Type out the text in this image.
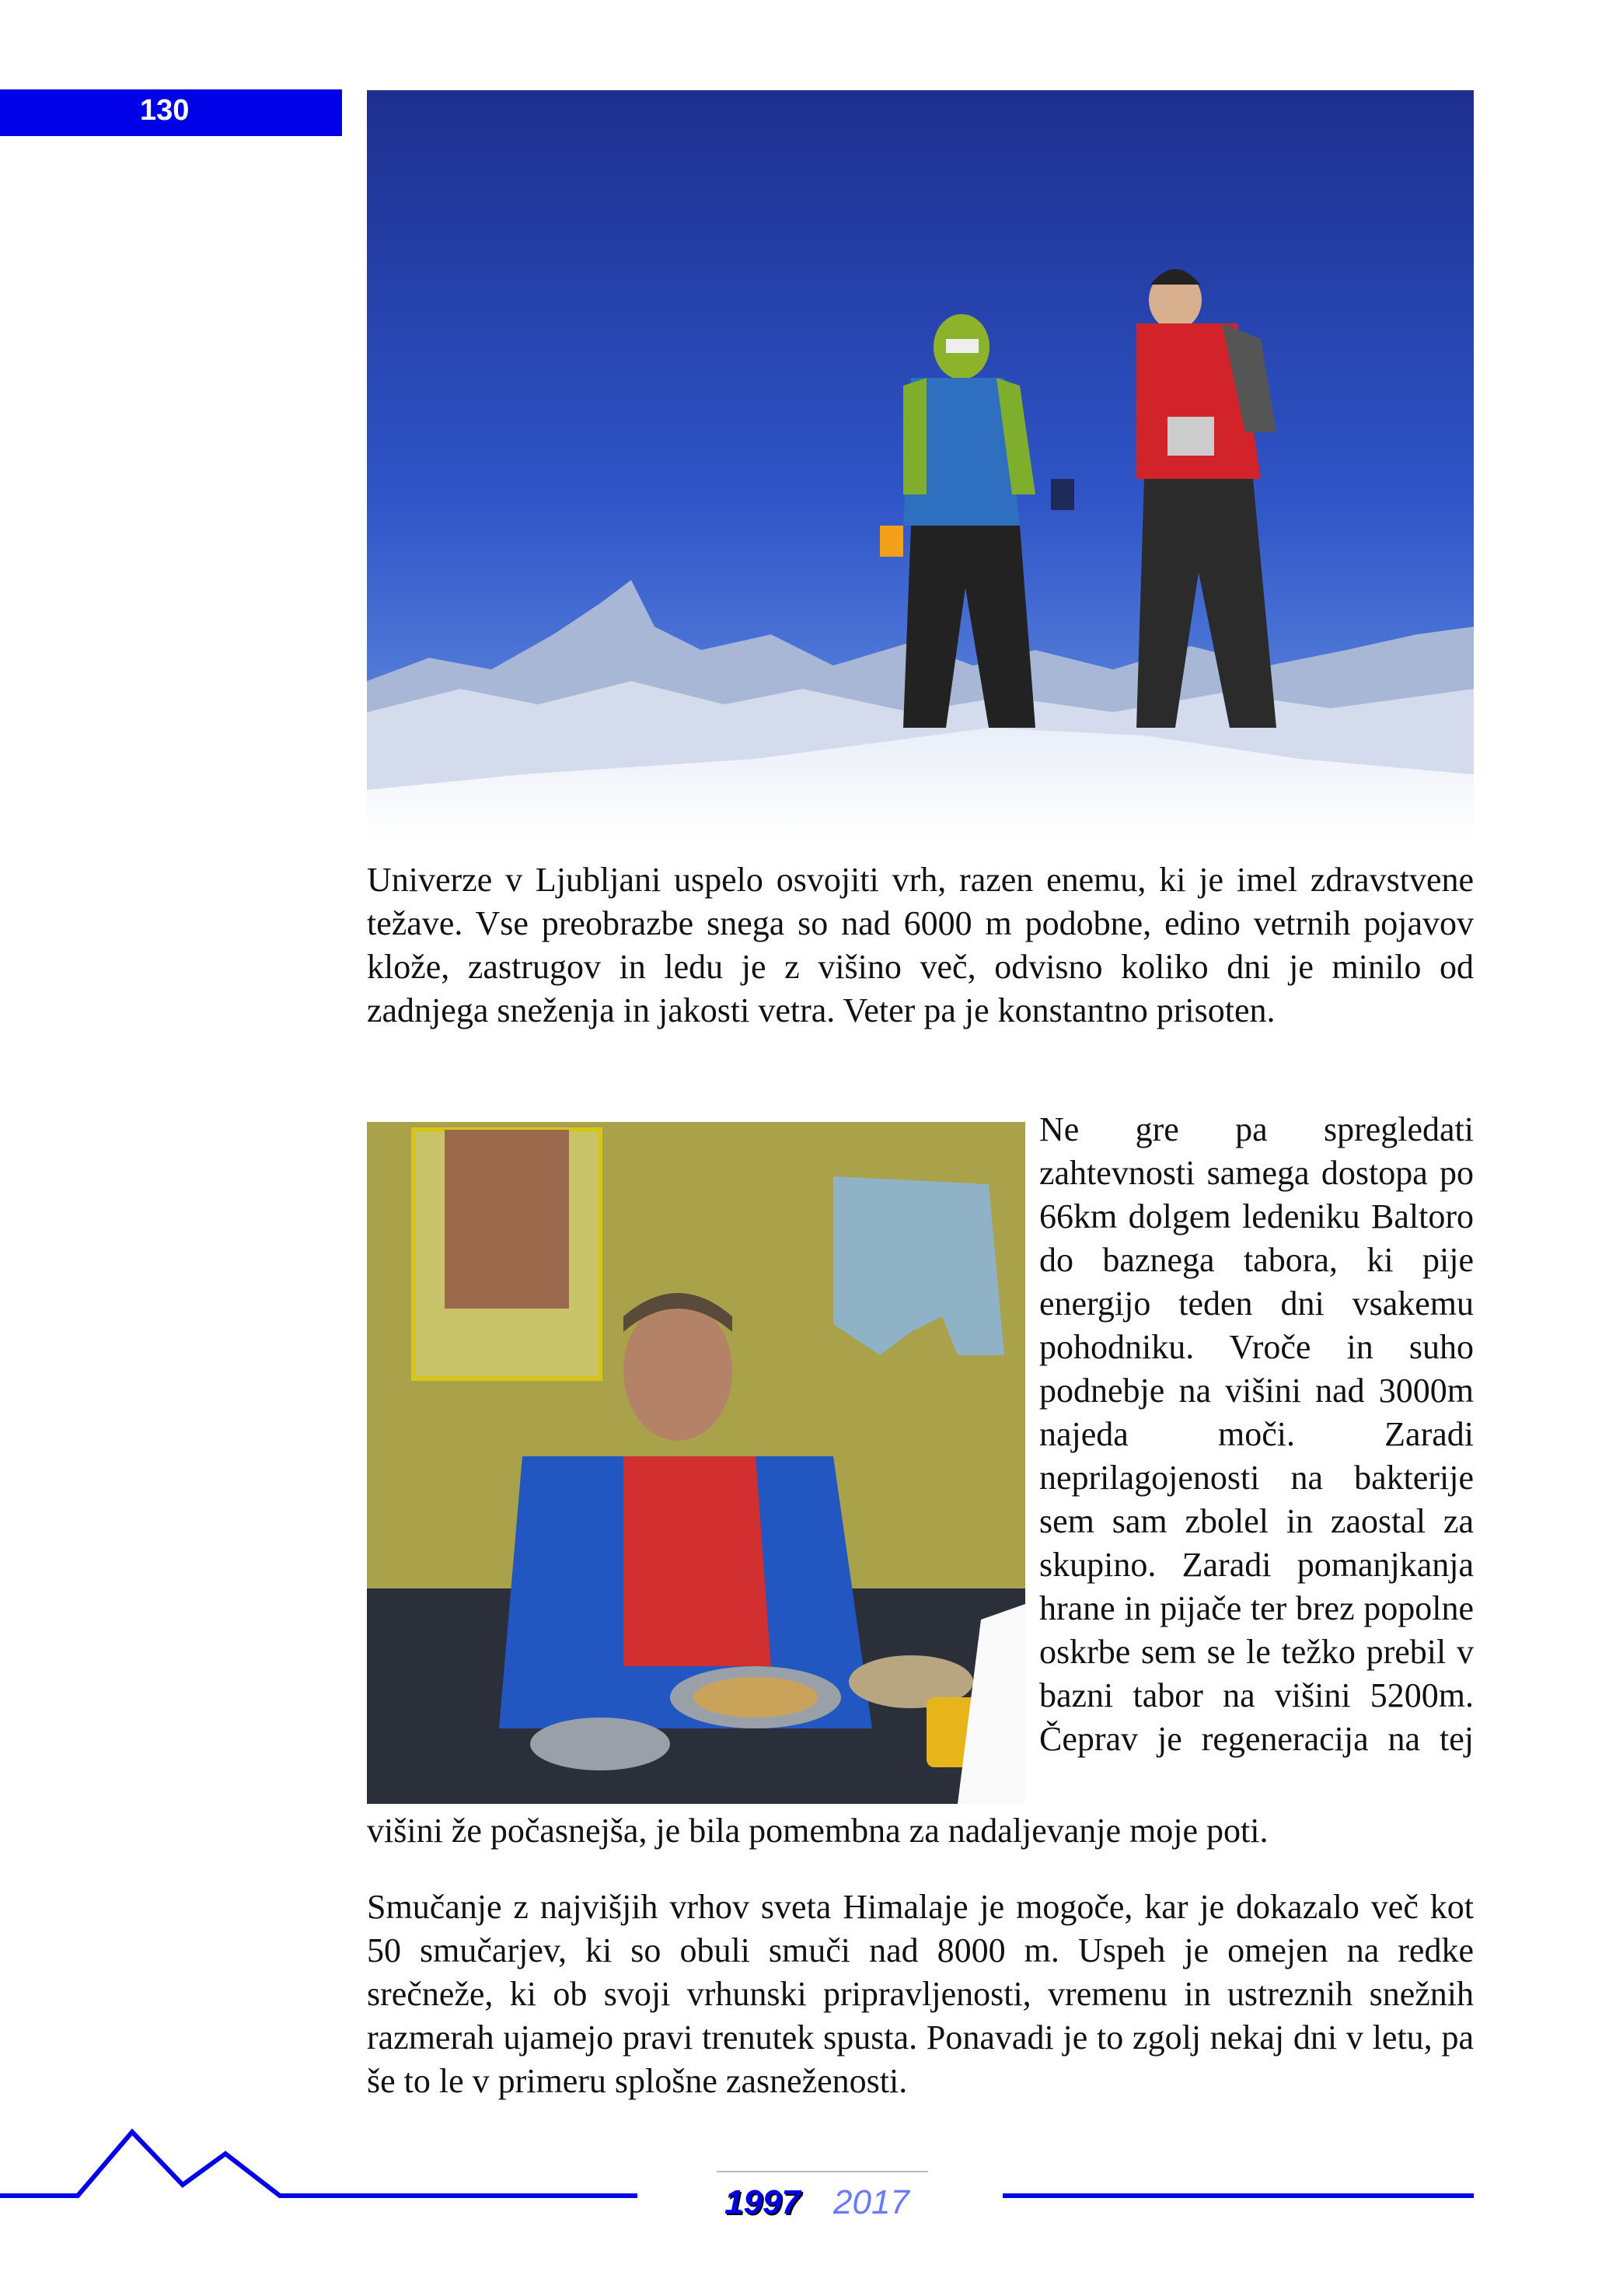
130
Univerze v Ljubljani uspelo osvojiti vrh, razen enemu, ki je imel zdravstvene težave. Vse preobrazbe snega so nad 6000 m podobne, edino vetrnih pojavov klože, zastrugov in ledu je z višino več, odvisno koliko dni je minilo od zadnjega sneženja in jakosti vetra. Veter pa je konstantno prisoten.
Ne gre pa spregledati zahtevnosti samega dostopa po 66km dolgem ledeniku Baltoro do baznega tabora, ki pije energijo teden dni vsakemu pohodniku. Vroče in suho podnebje na višini nad 3000m najeda moči. Zaradi neprilagojenosti na bakterije sem sam zbolel in zaostal za skupino. Zaradi pomanjkanja hrane in pijače ter brez popolne oskrbe sem se le težko prebil v bazni tabor na višini 5200m. Čeprav je regeneracija na tej
višini že počasnejša, je bila pomembna za nadaljevanje moje poti.
Smučanje z najvišjih vrhov sveta Himalaje je mogoče, kar je dokazalo več kot 50 smučarjev, ki so obuli smuči nad 8000 m. Uspeh je omejen na redke srečneže, ki ob svoji vrhunski pripravljenosti, vremenu in ustreznih snežnih razmerah ujamejo pravi trenutek spusta. Ponavadi je to zgolj nekaj dni v letu, pa še to le v primeru splošne zasneženosti.
1997 2017
